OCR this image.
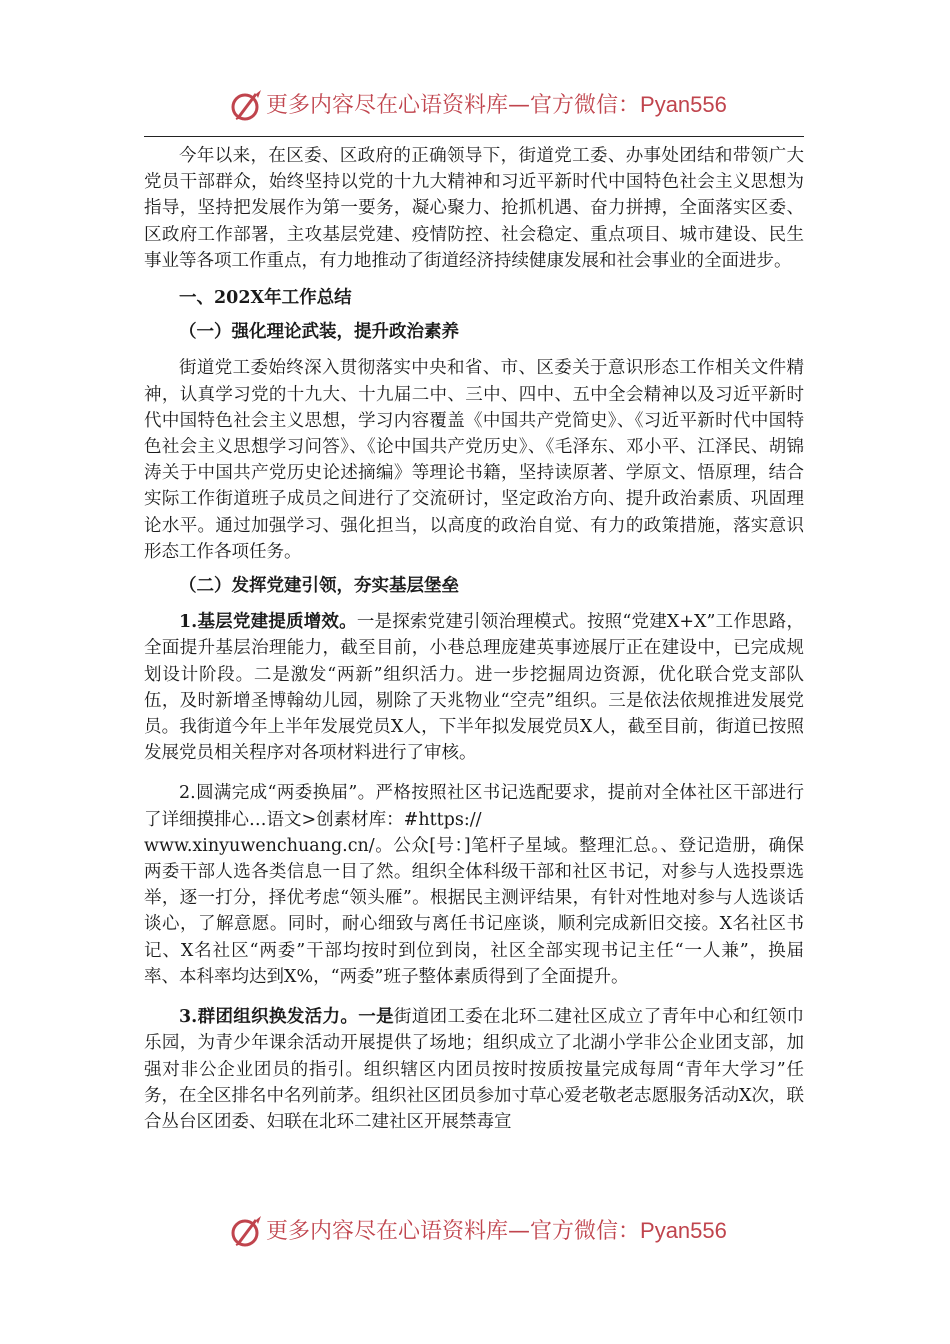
更多内容尽在心语资料库—官方微信：Pyan556

今年以来，在区委、区政府的正确领导下，街道党工委、办事处团结和带领广大党员干部群众，始终坚持以党的十九大精神和习近平新时代中国特色社会主义思想为指导，坚持把发展作为第一要务，凝心聚力、抢抓机遇、奋力拼搏，全面落实区委、区政府工作部署，主攻基层党建、疫情防控、社会稳定、重点项目、城市建设、民生事业等各项工作重点，有力地推动了街道经济持续健康发展和社会事业的全面进步。

一、202X年工作总结

（一）强化理论武装，提升政治素养

街道党工委始终深入贯彻落实中央和省、市、区委关于意识形态工作相关文件精神，认真学习党的十九大、十九届二中、三中、四中、五中全会精神以及习近平新时代中国特色社会主义思想，学习内容覆盖《中国共产党简史》、《习近平新时代中国特色社会主义思想学习问答》、《论中国共产党历史》、《毛泽东、邓小平、江泽民、胡锦涛关于中国共产党历史论述摘编》等理论书籍，坚持读原著、学原文、悟原理，结合实际工作街道班子成员之间进行了交流研讨，坚定政治方向、提升政治素质、巩固理论水平。通过加强学习、强化担当，以高度的政治自觉、有力的政策措施，落实意识形态工作各项任务。

（二）发挥党建引领，夯实基层堡垒

1.基层党建提质增效。一是探索党建引领治理模式。按照“党建X+X”工作思路，全面提升基层治理能力，截至目前，小巷总理庞建英事迹展厅正在建设中，已完成规划设计阶段。二是激发“两新”组织活力。进一步挖掘周边资源，优化联合党支部队伍，及时新增圣博翰幼儿园，剔除了天兆物业“空壳”组织。三是依法依规推进发展党员。我街道今年上半年发展党员X人，下半年拟发展党员X人，截至目前，街道已按照发展党员相关程序对各项材料进行了审核。

2.圆满完成“两委换届”。严格按照社区书记选配要求，提前对全体社区干部进行了详细摸排心…语文>创素材库：#https://

www.xinyuwenchuang.cn/。公众[号：]笔杆子星域。整理汇总。、登记造册，确保两委干部人选各类信息一目了然。组织全体科级干部和社区书记，对参与人选投票选举，逐一打分，择优考虑“领头雁”。根据民主测评结果，有针对性地对参与人选谈话谈心，了解意愿。同时，耐心细致与离任书记座谈，顺利完成新旧交接。X名社区书记、X名社区“两委”干部均按时到位到岗，社区全部实现书记主任“一人兼”，换届率、本科率均达到X%，“两委”班子整体素质得到了全面提升。

3.群团组织换发活力。一是街道团工委在北环二建社区成立了青年中心和红领巾乐园，为青少年课余活动开展提供了场地；组织成立了北湖小学非公企业团支部，加强对非公企业团员的指引。组织辖区内团员按时按质按量完成每周“青年大学习”任务，在全区排名中名列前茅。组织社区团员参加寸草心爱老敬老志愿服务活动X次，联合丛台区团委、妇联在北环二建社区开展禁毒宣

更多内容尽在心语资料库—官方微信：Pyan556
